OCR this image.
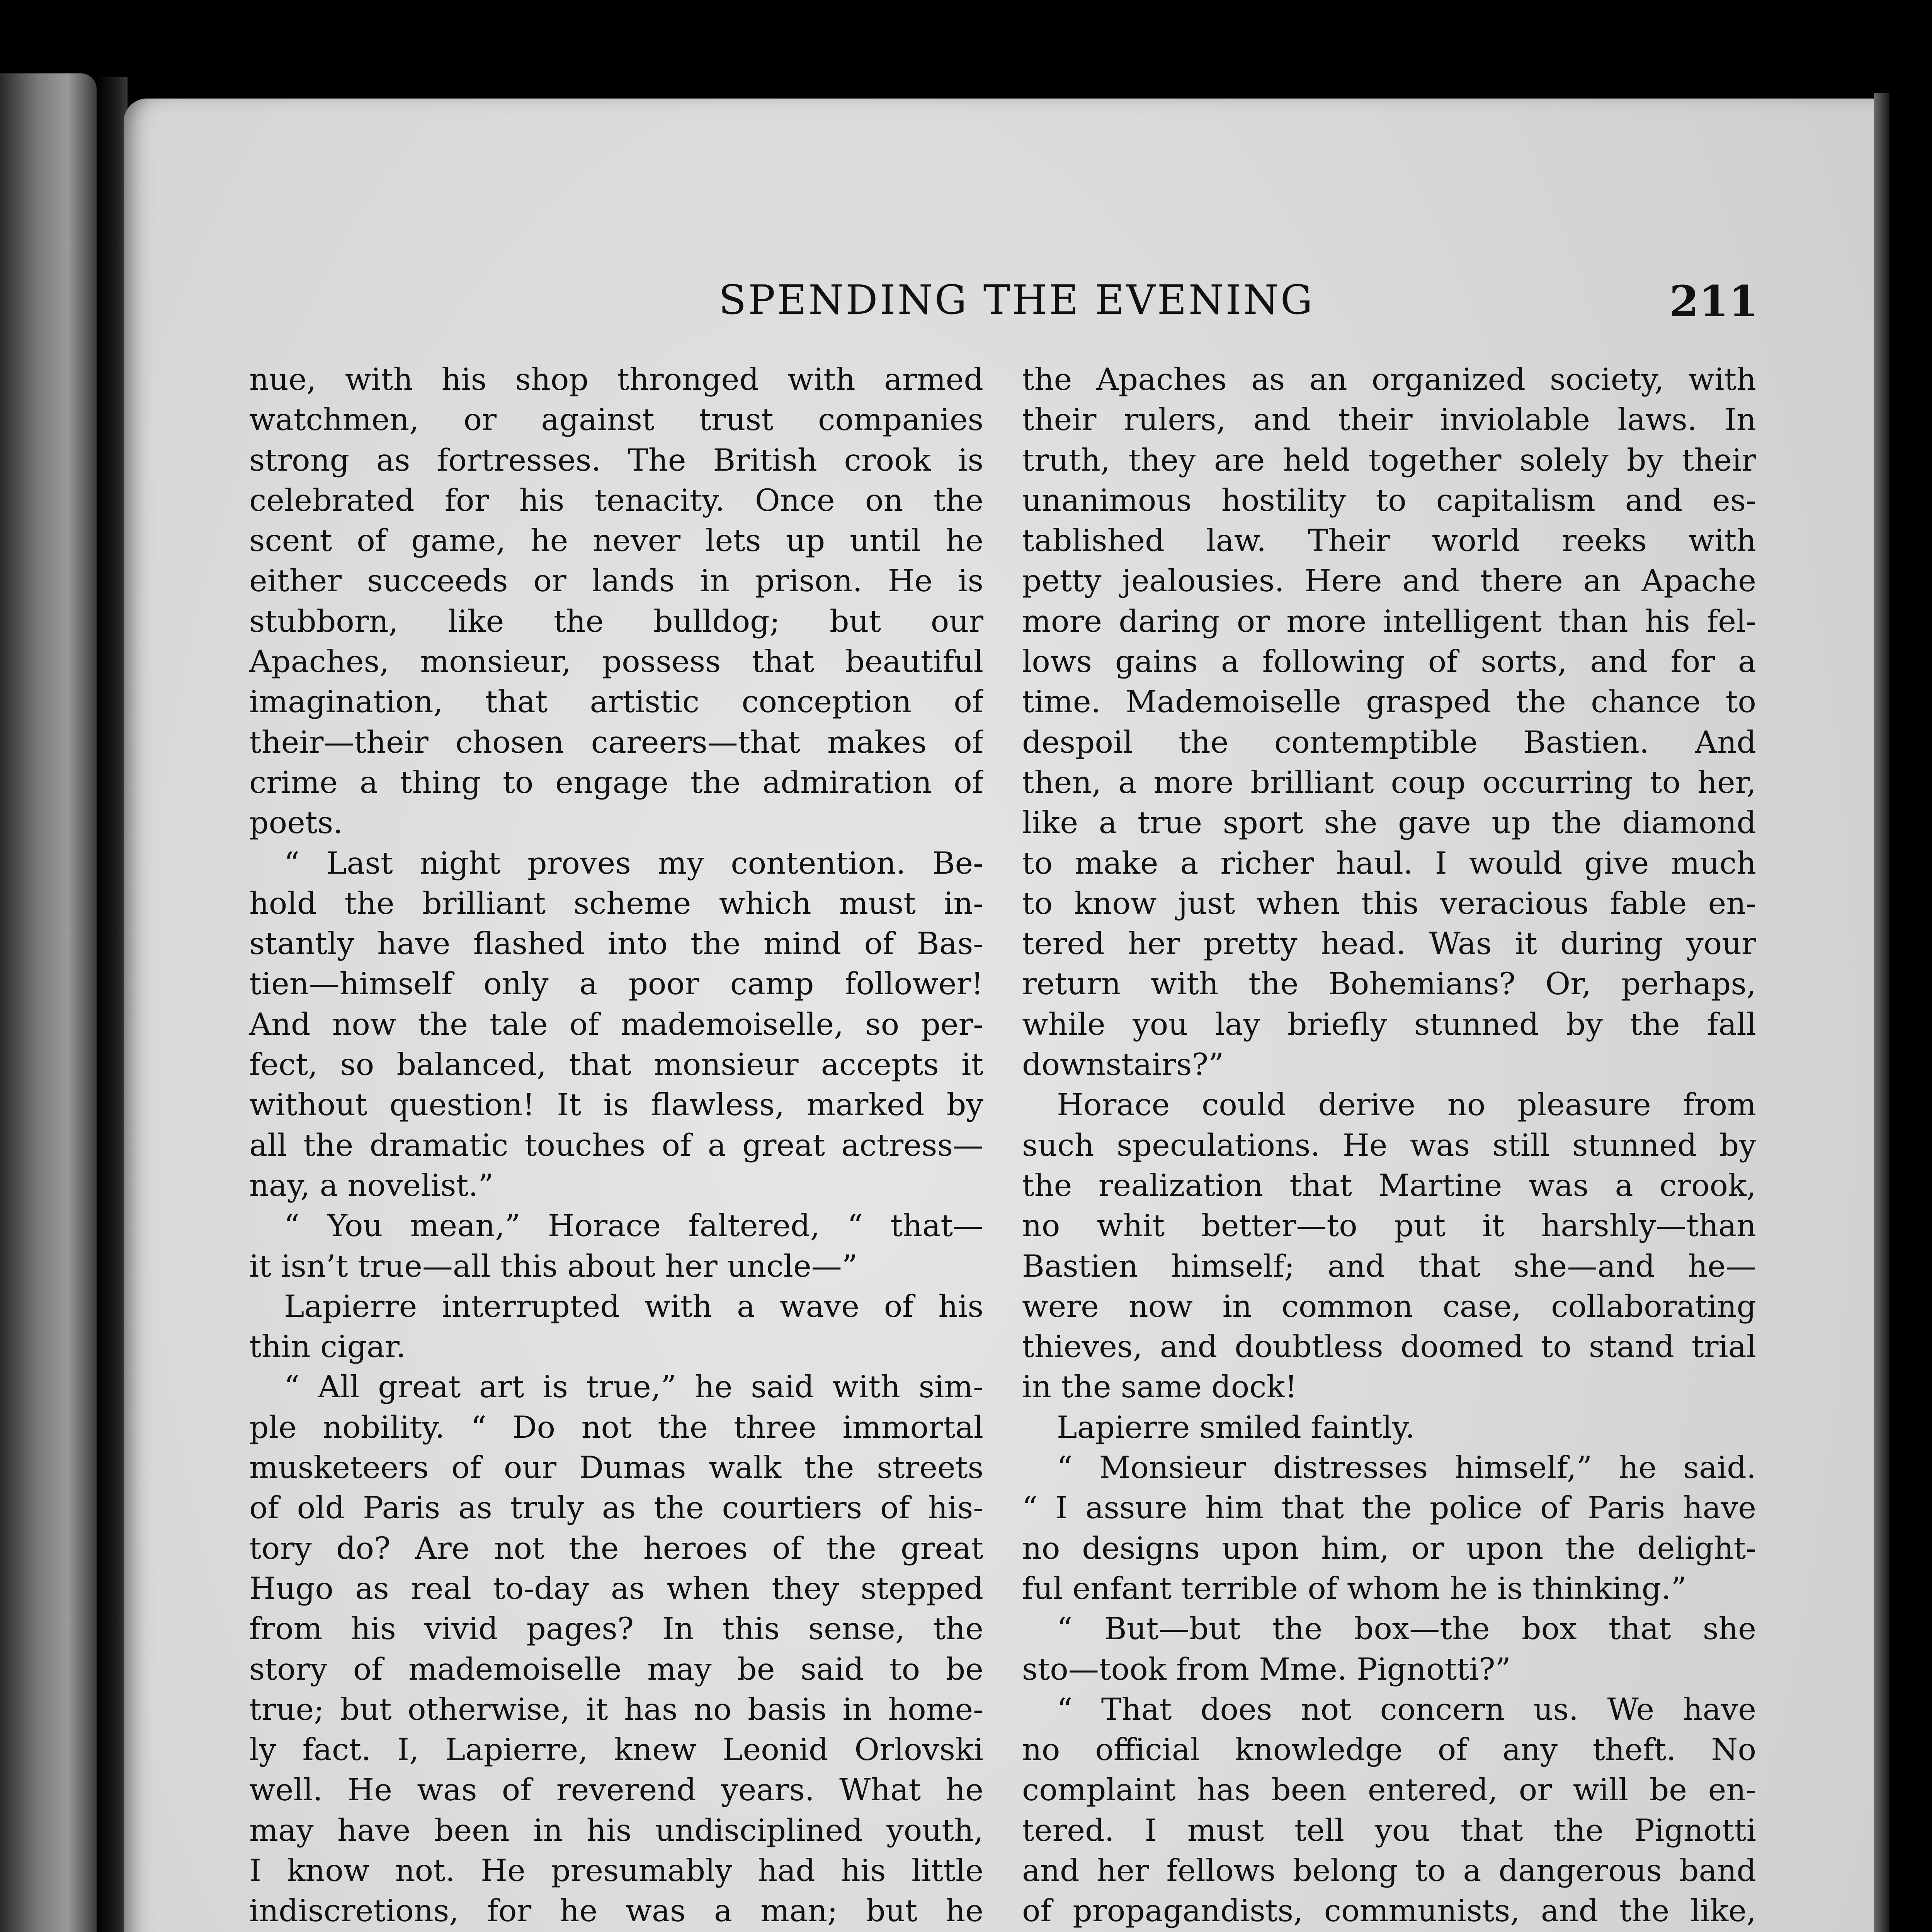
SPENDING THE EVENING	211

nue, with his shop thronged with armed

watchmen, or against trust companies

strong as fortresses. The British crook is

celebrated for his tenacity. Once on the

scent of game, he never lets up until he

either succeeds or lands in prison. He is

stubborn, like the bulldog; but our

Apaches, monsieur, possess that beautiful

imagination, that artistic conception of

their—their chosen careers—that makes of

crime a thing to engage the admiration of

poets.

“ Last night proves my contention. Be-

hold the brilliant scheme which must in-

stantly have flashed into the mind of Bas-

tien—himself only a poor camp follower!

And now the tale of mademoiselle, so per-

fect, so balanced, that monsieur accepts it

without question! It is flawless, marked by

all the dramatic touches of a great actress—

nay, a novelist.”

“ You mean,” Horace faltered, “ that—

it isn’t true—all this about her uncle—”

Lapierre interrupted with a wave of his

thin cigar.

“ All great art is true,” he said with sim-

ple nobility. “ Do not the three immortal

musketeers of our Dumas walk the streets

of old Paris as truly as the courtiers of his-

tory do? Are not the heroes of the great

Hugo as real to-day as when they stepped

from his vivid pages? In this sense, the

story of mademoiselle may be said to be

true; but otherwise, it has no basis in home-

ly fact. I, Lapierre, knew Leonid Orlovski

well. He was of reverend years. What he

may have been in his undisciplined youth,

I know not. He presumably had his little

indiscretions, for he was a man; but he

the Apaches as an organized society, with

their rulers, and their inviolable laws. In

truth, they are held together solely by their

unanimous hostility to capitalism and es-

tablished law. Their world reeks with

petty jealousies. Here and there an Apache

more daring or more intelligent than his fel-

lows gains a following of sorts, and for a

time. Mademoiselle grasped the chance to

despoil the contemptible Bastien. And

then, a more brilliant coup occurring to her,

like a true sport she gave up the diamond

to make a richer haul. I would give much

to know just when this veracious fable en-

tered her pretty head. Was it during your

return with the Bohemians? Or, perhaps,

while you lay briefly stunned by the fall

downstairs?”

Horace could derive no pleasure from

such speculations. He was still stunned by

the realization that Martine was a crook,

no whit better—to put it harshly—than

Bastien himself; and that she—and he—

were now in common case, collaborating

thieves, and doubtless doomed to stand trial

in the same dock!

Lapierre smiled faintly.

“ Monsieur distresses himself,” he said.

“ I assure him that the police of Paris have

no designs upon him, or upon the delight-

ful enfant terrible of whom he is thinking.”

“ But—but the box—the box that she

sto—took from Mme. Pignotti?”

“ That does not concern us. We have

no official knowledge of any theft. No

complaint has been entered, or will be en-

tered. I must tell you that the Pignotti

and her fellows belong to a dangerous band

of propagandists, communists, and the like,
